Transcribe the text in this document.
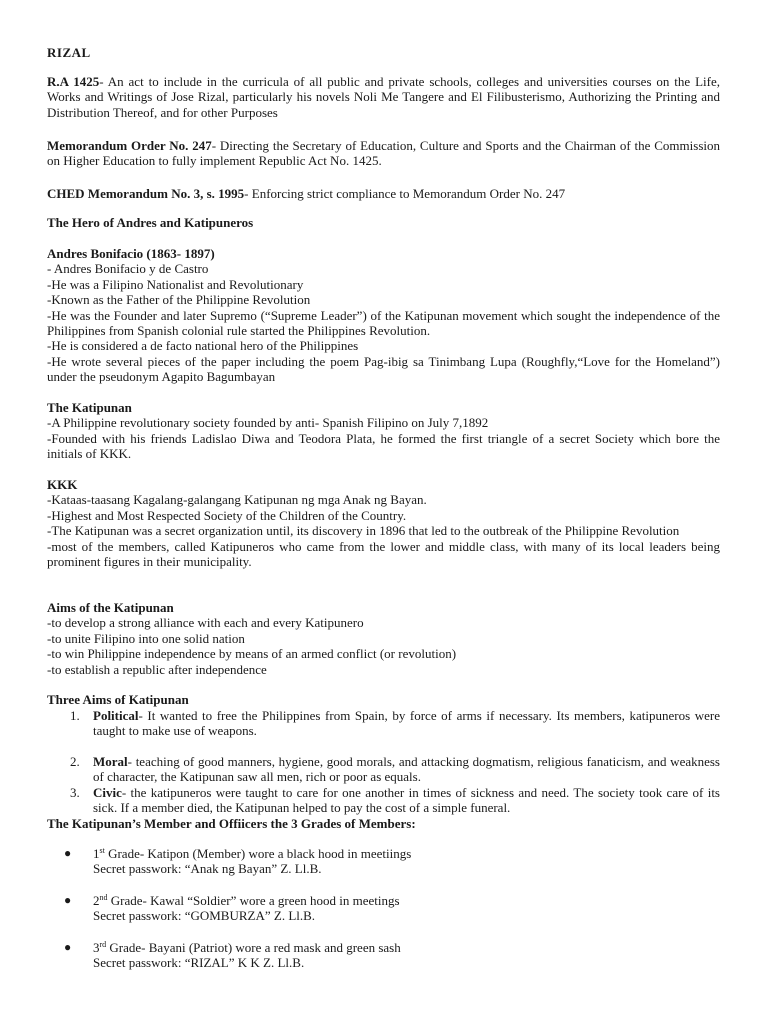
RIZAL

R.A 1425- An act to include in the curricula of all public and private schools, colleges and universities courses on the Life, Works and Writings of Jose Rizal, particularly his novels Noli Me Tangere and El Filibusterismo, Authorizing the Printing and Distribution Thereof, and for other Purposes

Memorandum Order No. 247- Directing the Secretary of Education, Culture and Sports and the Chairman of the Commission on Higher Education to fully implement Republic Act No. 1425.

CHED Memorandum No. 3, s. 1995- Enforcing strict compliance to Memorandum Order No. 247

The Hero of Andres and Katipuneros

Andres Bonifacio (1863- 1897)

- Andres Bonifacio y de Castro

-He was a Filipino Nationalist and Revolutionary

-Known as the Father of the Philippine Revolution

-He was the Founder and later Supremo (“Supreme Leader”) of the Katipunan movement which sought the independence of the Philippines from Spanish colonial rule started the Philippines Revolution.

-He is considered a de facto national hero of the Philippines

-He wrote several pieces of the paper including the poem Pag-ibig sa Tinimbang Lupa (Roughfly,“Love for the Homeland”) under the pseudonym Agapito Bagumbayan

The Katipunan

-A Philippine revolutionary society founded by anti- Spanish Filipino on July 7,1892

-Founded with his friends Ladislao Diwa and Teodora Plata, he formed the first triangle of a secret Society which bore the initials of KKK.

KKK

-Kataas-taasang Kagalang-galangang Katipunan ng mga Anak ng Bayan.

-Highest and Most Respected Society of the Children of the Country.

-The Katipunan was a secret organization until, its discovery in 1896 that led to the outbreak of the Philippine Revolution

-most of the members, called Katipuneros who came from the lower and middle class, with many of its local leaders being prominent figures in their municipality.

Aims of the Katipunan

-to develop a strong alliance with each and every Katipunero

-to unite Filipino into one solid nation

-to win Philippine independence by means of an armed conflict (or revolution)

-to establish a republic after independence

Three Aims of Katipunan

1. Political- It wanted to free the Philippines from Spain, by force of arms if necessary. Its members, katipuneros were taught to make use of weapons.
2. Moral- teaching of good manners, hygiene, good morals, and attacking dogmatism, religious fanaticism, and weakness of character, the Katipunan saw all men, rich or poor as equals.
3. Civic- the katipuneros were taught to care for one another in times of sickness and need. The society took care of its sick. If a member died, the Katipunan helped to pay the cost of a simple funeral.

The Katipunan’s Member and Offiicers the 3 Grades of Members:

● 1st Grade- Katipon (Member) wore a black hood in meetiings
Secret passwork: “Anak ng Bayan” Z. Ll.B.
● 2nd Grade- Kawal “Soldier” wore a green hood in meetings
Secret passwork: “GOMBURZA” Z. Ll.B.
● 3rd Grade- Bayani (Patriot) wore a red mask and green sash
Secret passwork: “RIZAL” K K Z. Ll.B.
